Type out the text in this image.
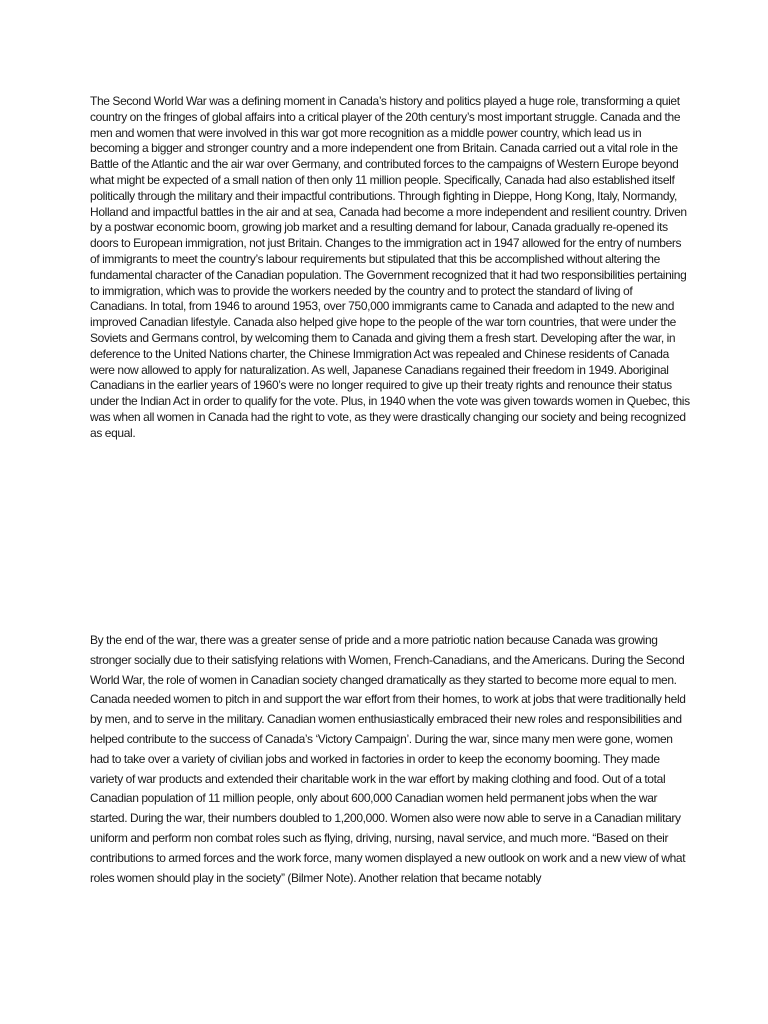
The Second World War was a defining moment in Canada’s history and politics played a huge role, transforming a quiet country on the fringes of global affairs into a critical player of the 20th century’s most important struggle. Canada and the men and women that were involved in this war got more recognition as a middle power country, which lead us in becoming a bigger and stronger country and a more independent one from Britain. Canada carried out a vital role in the Battle of the Atlantic and the air war over Germany, and contributed forces to the campaigns of Western Europe beyond what might be expected of a small nation of then only 11 million people. Specifically, Canada had also established itself politically through the military and their impactful contributions. Through fighting in Dieppe, Hong Kong, Italy, Normandy, Holland and impactful battles in the air and at sea, Canada had become a more independent and resilient country. Driven by a postwar economic boom, growing job market and a resulting demand for labour, Canada gradually re-opened its doors to European immigration, not just Britain. Changes to the immigration act in 1947 allowed for the entry of numbers of immigrants to meet the country’s labour requirements but stipulated that this be accomplished without altering the fundamental character of the Canadian population. The Government recognized that it had two responsibilities pertaining to immigration, which was to provide the workers needed by the country and to protect the standard of living of Canadians. In total, from 1946 to around 1953, over 750,000 immigrants came to Canada and adapted to the new and improved Canadian lifestyle. Canada also helped give hope to the people of the war torn countries, that were under the Soviets and Germans control, by welcoming them to Canada and giving them a fresh start. Developing after the war, in deference to the United Nations charter, the Chinese Immigration Act was repealed and Chinese residents of Canada were now allowed to apply for naturalization. As well, Japanese Canadians regained their freedom in 1949. Aboriginal Canadians in the earlier years of 1960’s were no longer required to give up their treaty rights and renounce their status under the Indian Act in order to qualify for the vote. Plus, in 1940 when the vote was given towards women in Quebec, this was when all women in Canada had the right to vote, as they were drastically changing our society and being recognized as equal.

By the end of the war, there was a greater sense of pride and a more patriotic nation because Canada was growing stronger socially due to their satisfying relations with Women, French-Canadians, and the Americans. During the Second World War, the role of women in Canadian society changed dramatically as they started to become more equal to men. Canada needed women to pitch in and support the war effort from their homes, to work at jobs that were traditionally held by men, and to serve in the military. Canadian women enthusiastically embraced their new roles and responsibilities and helped contribute to the success of Canada’s ‘Victory Campaign’. During the war, since many men were gone, women had to take over a variety of civilian jobs and worked in factories in order to keep the economy booming. They made variety of war products and extended their charitable work in the war effort by making clothing and food. Out of a total Canadian population of 11 million people, only about 600,000 Canadian women held permanent jobs when the war started. During the war, their numbers doubled to 1,200,000. Women also were now able to serve in a Canadian military uniform and perform non combat roles such as flying, driving, nursing, naval service, and much more. “Based on their contributions to armed forces and the work force, many women displayed a new outlook on work and a new view of what roles women should play in the society” (Bilmer Note). Another relation that became notably
